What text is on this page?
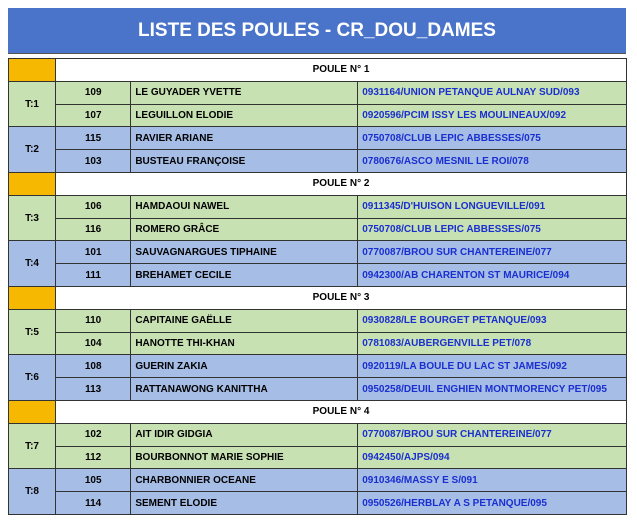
LISTE DES POULES - CR_DOU_DAMES
	POULE N° 1		
T:1	109	LE GUYADER YVETTE	0931164/UNION PETANQUE AULNAY SUD/093
	107	LEGUILLON ELODIE	0920596/PCIM ISSY LES MOULINEAUX/092
T:2	115	RAVIER ARIANE	0750708/CLUB LEPIC ABBESSES/075
	103	BUSTEAU FRANÇOISE	0780676/ASCO MESNIL LE ROI/078
	POULE N° 2		
T:3	106	HAMDAOUI NAWEL	0911345/D'HUISON LONGUEVILLE/091
	116	ROMERO GRÂCE	0750708/CLUB LEPIC ABBESSES/075
T:4	101	SAUVAGNARGUES TIPHAINE	0770087/BROU SUR CHANTEREINE/077
	111	BREHAMET CECILE	0942300/AB CHARENTON ST MAURICE/094
	POULE N° 3		
T:5	110	CAPITAINE GAËLLE	0930828/LE BOURGET PETANQUE/093
	104	HANOTTE THI-KHAN	0781083/AUBERGENVILLE PET/078
T:6	108	GUERIN ZAKIA	0920119/LA BOULE DU LAC ST JAMES/092
	113	RATTANAWONG KANITTHA	0950258/DEUIL ENGHIEN MONTMORENCY PET/095
	POULE N° 4		
T:7	102	AIT IDIR GIDGIA	0770087/BROU SUR CHANTEREINE/077
	112	BOURBONNOT MARIE SOPHIE	0942450/AJPS/094
T:8	105	CHARBONNIER OCEANE	0910346/MASSY E S/091
	114	SEMENT ELODIE	0950526/HERBLAY A S PETANQUE/095
